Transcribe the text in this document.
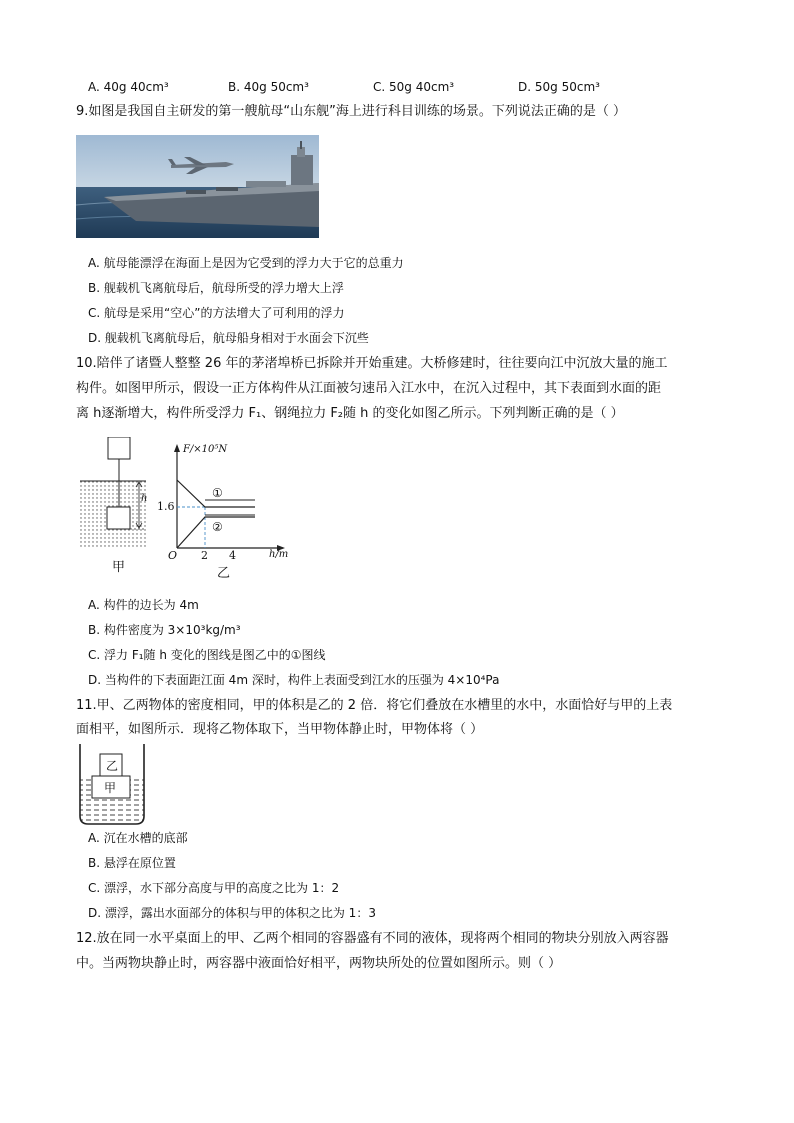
A. 40g 40cm³	B. 40g 50cm³	C. 50g 40cm³	D. 50g 50cm³
9.如图是我国自主研发的第一艘航母“山东舰”海上进行科目训练的场景。下列说法正确的是（ ）
A. 航母能漂浮在海面上是因为它受到的浮力大于它的总重力
B. 舰载机飞离航母后，航母所受的浮力增大上浮
C. 航母是采用“空心”的方法增大了可利用的浮力
D. 舰载机飞离航母后，航母船身相对于水面会下沉些
10.陪伴了诸暨人整整 26 年的茅渚埠桥已拆除并开始重建。大桥修建时，往往要向江中沉放大量的施工
构件。如图甲所示，假设一正方体构件从江面被匀速吊入江水中，在沉入过程中，其下表面到水面的距
离 h逐渐增大，构件所受浮力 F₁、钢绳拉力 F₂随 h 的变化如图乙所示。下列判断正确的是（ ）
h
甲
F/×10⁵N
1.6
O 2 4	h/m
①
②
乙
A. 构件的边长为 4m
B. 构件密度为 3×10³kg/m³
C. 浮力 F₁随 h 变化的图线是图乙中的①图线
D. 当构件的下表面距江面 4m 深时，构件上表面受到江水的压强为 4×10⁴Pa
11.甲、乙两物体的密度相同，甲的体积是乙的 2 倍．将它们叠放在水槽里的水中，水面恰好与甲的上表
面相平，如图所示．现将乙物体取下，当甲物体静止时，甲物体将（ ）
乙
甲
A. 沉在水槽的底部
B. 悬浮在原位置
C. 漂浮，水下部分高度与甲的高度之比为 1：2
D. 漂浮，露出水面部分的体积与甲的体积之比为 1：3
12.放在同一水平桌面上的甲、乙两个相同的容器盛有不同的液体，现将两个相同的物块分别放入两容器
中。当两物块静止时，两容器中液面恰好相平，两物块所处的位置如图所示。则（ ）
